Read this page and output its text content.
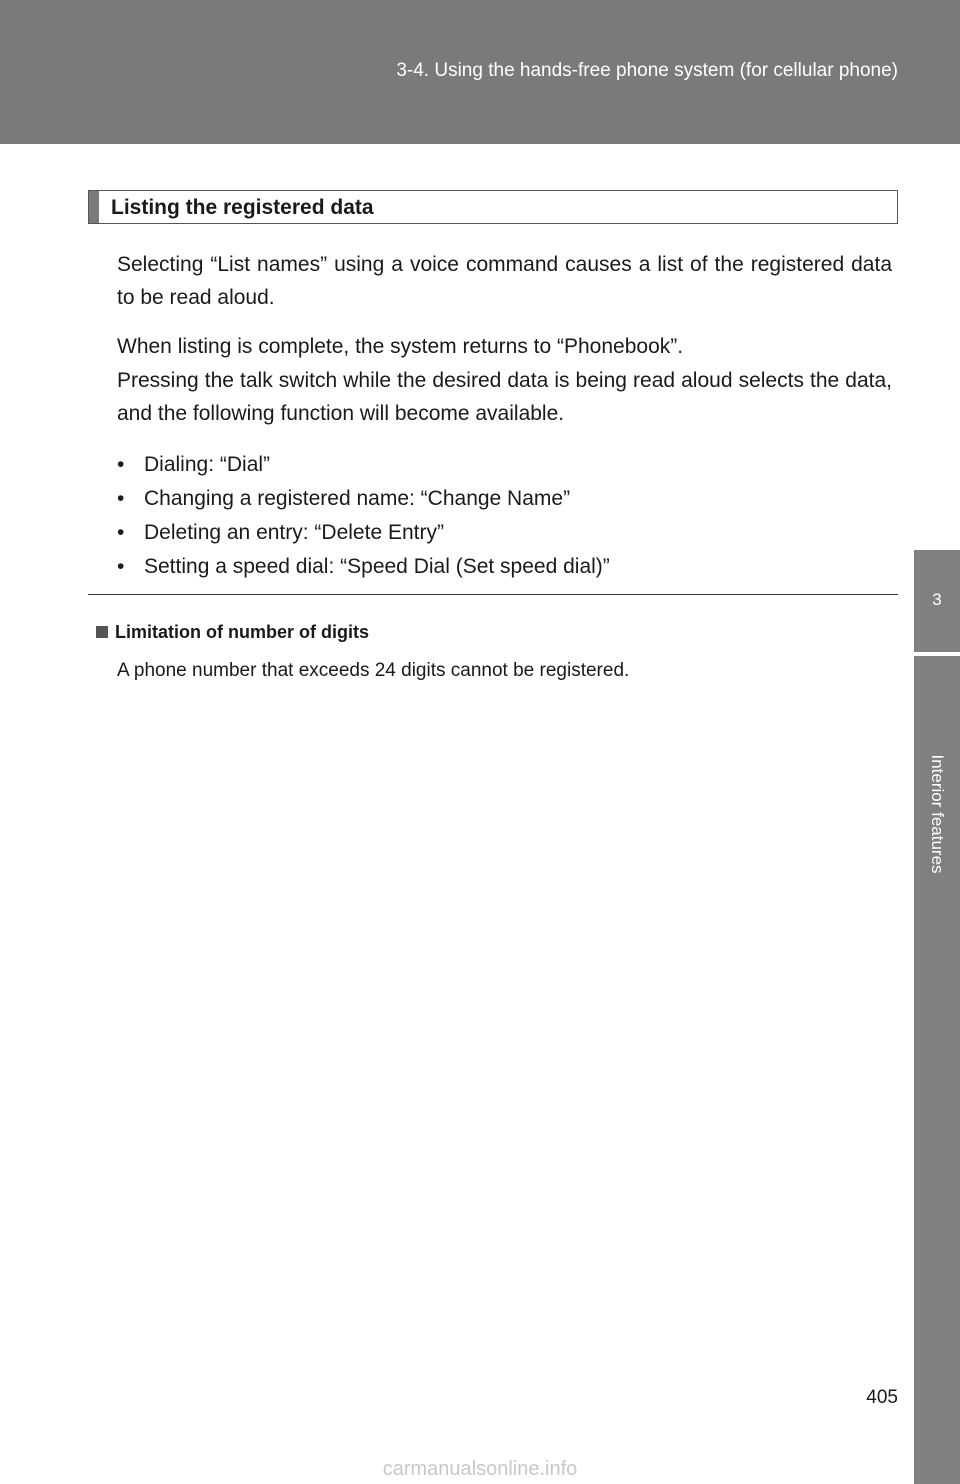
3-4. Using the hands-free phone system (for cellular phone)
3
Interior features
Listing the registered data

Selecting “List names” using a voice command causes a list of the registered data to be read aloud.

When listing is complete, the system returns to “Phonebook”.

Pressing the talk switch while the desired data is being read aloud selects the data, and the following function will become available.

• Dialing: “Dial”
• Changing a registered name: “Change Name”
• Deleting an entry: “Delete Entry”
• Setting a speed dial: “Speed Dial (Set speed dial)”
Limitation of number of digits
A phone number that exceeds 24 digits cannot be registered.
405
carmanualsonline.info
